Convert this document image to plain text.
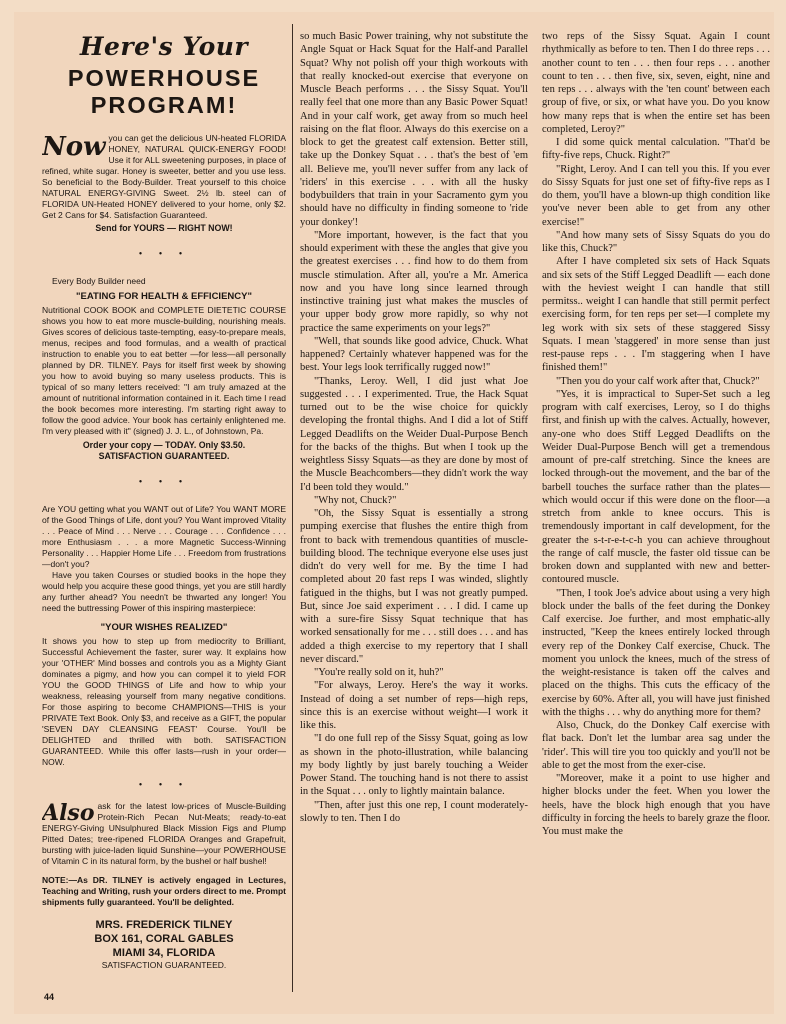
Here's Your
POWERHOUSE PROGRAM!
Now you can get the delicious UN-heated FLORIDA HONEY, NATURAL QUICK-ENERGY FOOD! Use it for ALL sweetening purposes, in place of refined, white sugar. Honey is sweeter, better and you use less. So beneficial to the Body-Builder. Treat yourself to this choice NATURAL ENERGY-GIVING Sweet. 2½ lb. steel can of FLORIDA UN-Heated HONEY delivered to your home, only $2. Get 2 Cans for $4. Satisfaction Guaranteed.

Send for YOURS — RIGHT NOW!

• • •

Every Body Builder need

"EATING FOR HEALTH & EFFICIENCY"

Nutritional COOK BOOK and COMPLETE DIETETIC COURSE shows you how to eat more muscle-building, nourishing meals. Gives scores of delicious taste-tempting, easy-to-prepare meals, menus, recipes and food formulas, and a wealth of practical instruction to enable you to eat better —for less—all personally planned by DR. TILNEY. Pays for itself first week by showing you how to avoid buying so many useless products. This is typical of so many letters received: "I am truly amazed at the amount of nutritional information contained in it. Each time I read the book becomes more interesting. I'm starting right away to follow the good advice. Your book has certainly enlightened me. I'm very pleased with it" (signed) J. J. L., of Johnstown, Pa.

Order your copy — TODAY. Only $3.50.

SATISFACTION GUARANTEED.

• • •

Are YOU getting what you WANT out of Life? You WANT MORE of the Good Things of Life, dont you? You Want improved Vitality . . . Peace of Mind . . . Nerve . . . Courage . . . Confidence . . . more Enthusiasm . . . a more Magnetic Success-Winning Personality . . . Happier Home Life . . . Freedom from frustrations—don't you?

Have you taken Courses or studied books in the hope they would help you acquire these good things, yet you are still hardly any further ahead? You needn't be thwarted any longer! You need the buttressing Power of this inspiring masterpiece:

"YOUR WISHES REALIZED"

It shows you how to step up from mediocrity to Brilliant, Successful Achievement the faster, surer way. It explains how your 'OTHER' Mind bosses and controls you as a Mighty Giant dominates a pigmy, and how you can compel it to yield FOR YOU the GOOD THINGS of Life and how to whip your weakness, releasing yourself from many negative conditions. For those aspiring to become CHAMPIONS—THIS is your PRIVATE Text Book. Only $3, and receive as a GIFT, the popular 'SEVEN DAY CLEANSING FEAST' Course. You'll be DELIGHTED and thrilled with both. SATISFACTION GUARANTEED. While this offer lasts—rush in your order—NOW.

• • •
Also ask for the latest low-prices of Muscle-Building Protein-Rich Pecan Nut-Meats; ready-to-eat ENERGY-Giving UNsulphured Black Mission Figs and Plump Pitted Dates; tree-ripened FLORIDA Oranges and Grapefruit, bursting with juice-laden liquid Sunshine—your POWERHOUSE of Vitamin C in its natural form, by the bushel or half bushel!

NOTE:—As DR. TILNEY is actively engaged in Lectures, Teaching and Writing, rush your orders direct to me. Prompt shipments fully guaranteed. You'll be delighted.

MRS. FREDERICK TILNEY

BOX 161, CORAL GABLES

MIAMI 34, FLORIDA

SATISFACTION GUARANTEED.

so much Basic Power training, why not substitute the Angle Squat or Hack Squat for the Half-and Parallel Squat? Why not polish off your thigh workouts with that really knocked-out exercise that everyone on Muscle Beach performs . . . the Sissy Squat. You'll really feel that one more than any Basic Power Squat! And in your calf work, get away from so much heel raising on the flat floor. Always do this exercise on a block to get the greatest calf extension. Better still, take up the Donkey Squat . . . that's the best of 'em all. Believe me, you'll never suffer from any lack of 'riders' in this exercise . . . with all the husky bodybuilders that train in your Sacramento gym you should have no difficulty in finding someone to 'ride your donkey'!

"More important, however, is the fact that you should experiment with these the angles that give you the greatest exercises . . . find how to do them from muscle stimulation. After all, you're a Mr. America now and you have long since learned through instinctive training just what makes the muscles of your upper body grow more rapidly, so why not practice the same experiments on your legs?"

"Well, that sounds like good advice, Chuck. What happened? Certainly whatever happened was for the best. Your legs look terrifically rugged now!"

"Thanks, Leroy. Well, I did just what Joe suggested . . . I experimented. True, the Hack Squat turned out to be the wise choice for quickly developing the frontal thighs. And I did a lot of Stiff Legged Deadlifts on the Weider Dual-Purpose Bench for the backs of the thighs. But when I took up the weightless Sissy Squats—as they are done by most of the Muscle Beachcombers—they didn't work the way I'd been told they would."

"Why not, Chuck?"

"Oh, the Sissy Squat is essentially a strong pumping exercise that flushes the entire thigh from front to back with tremendous quantities of muscle-building blood. The technique everyone else uses just didn't do very well for me. By the time I had completed about 20 fast reps I was winded, slightly fatigued in the thighs, but I was not greatly pumped. But, since Joe said experiment . . . I did. I came up with a sure-fire Sissy Squat technique that has worked sensationally for me . . . still does . . . and has added a thigh exercise to my repertory that I shall never discard."

"You're really sold on it, huh?"

"For always, Leroy. Here's the way it works. Instead of doing a set number of reps—high reps, since this is an exercise without weight—I work it like this.

"I do one full rep of the Sissy Squat, going as low as shown in the photo-illustration, while balancing my body lightly by just barely touching a Weider Power Stand. The touching hand is not there to assist in the Squat . . . only to lightly maintain balance.

"Then, after just this one rep, I count moderately-slowly to ten. Then I do

two reps of the Sissy Squat. Again I count rhythmically as before to ten. Then I do three reps . . . another count to ten . . . then four reps . . . another count to ten . . . then five, six, seven, eight, nine and ten reps . . . always with the 'ten count' between each group of five, or six, or what have you. Do you know how many reps that is when the entire set has been completed, Leroy?"

I did some quick mental calculation. "That'd be fifty-five reps, Chuck. Right?"

"Right, Leroy. And I can tell you this. If you ever do Sissy Squats for just one set of fifty-five reps as I do them, you'll have a blown-up thigh condition like you've never been able to get from any other exercise!"

"And how many sets of Sissy Squats do you do like this, Chuck?"

After I have completed six sets of Hack Squats and six sets of the Stiff Legged Deadlift — each done with the heviest weight I can handle that still permitss.. weight I can handle that still permit perfect exercising form, for ten reps per set—I complete my leg work with six sets of these staggered Sissy Squats. I mean 'staggered' in more sense than just rest-pause reps . . . I'm staggering when I have finished them!"

"Then you do your calf work after that, Chuck?"

"Yes, it is impractical to Super-Set such a leg program with calf exercises, Leroy, so I do thighs first, and finish up with the calves. Actually, however, any-one who does Stiff Legged Deadlifts on the Weider Dual-Purpose Bench will get a tremendous amount of pre-calf stretching. Since the knees are locked through-out the movement, and the bar of the barbell touches the surface rather than the plates—which would occur if this were done on the floor—a stretch from ankle to knee occurs. This is tremendously important in calf development, for the greater the s-t-r-e-t-c-h you can achieve throughout the range of calf muscle, the faster old tissue can be broken down and supplanted with new and better-contoured muscle.

"Then, I took Joe's advice about using a very high block under the balls of the feet during the Donkey Calf exercise. Joe further, and most emphatic-ally instructed, "Keep the knees entirely locked through every rep of the Donkey Calf exercise, Chuck. The moment you unlock the knees, much of the stress of the weight-resistance is taken off the calves and placed on the thighs. This cuts the efficacy of the exercise by 60%. After all, you will have just finished with the thighs . . . why do anything more for them?

Also, Chuck, do the Donkey Calf exercise with flat back. Don't let the lumbar area sag under the 'rider'. This will tire you too quickly and you'll not be able to get the most from the exer-cise.

"Moreover, make it a point to use higher and higher blocks under the feet. When you lower the heels, have the block high enough that you have difficulty in forcing the heels to barely graze the floor. You must make the

44
